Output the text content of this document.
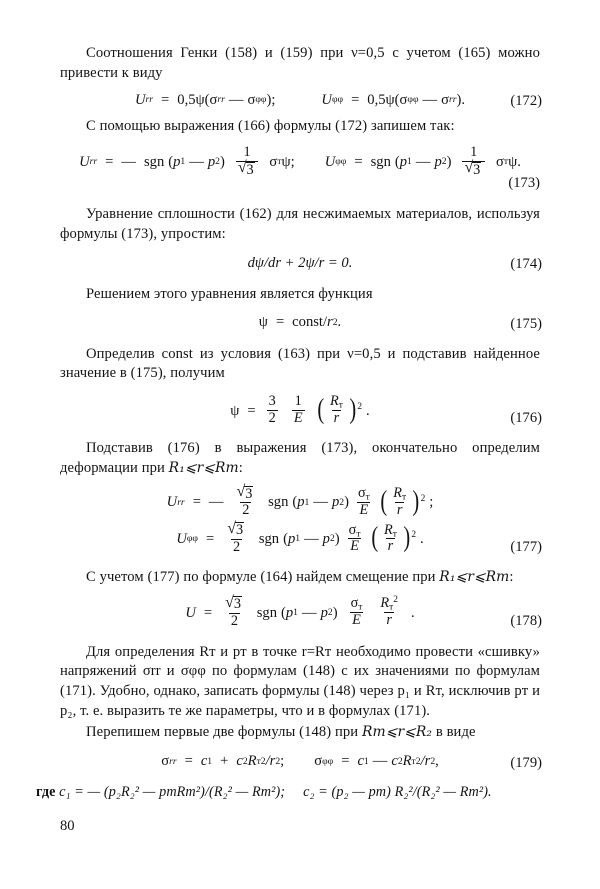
Соотношения Генки (158) и (159) при ν=0,5 с учетом (165) можно привести к виду

U rr = 0,5ψ(σ rr — σ φφ );	U φφ = 0,5ψ(σ φφ — σ rr ).	(172)

С помощью выражения (166) формулы (172) запишем так:

U rr = — sgn ( p 1 — p 2 ) 1
√ 3 σ т ψ ; U φφ = sgn ( p 1 — p 2 ) 1
√ 3 σ т ψ .
(173)

Уравнение сплошности (162) для несжимаемых материалов, используя формулы (173), упростим:

dψ/dr + 2ψ/r = 0.	(174)

Решением этого уравнения является функция

ψ = const/ r 2 .	(175)

Определив const из условия (163) при ν=0,5 и подставив найденное значение в (175), получим

$\psi = \frac{3}{2} \frac{1}{E}$ ( $\frac{R_т}{r}$ ) 2 .	(176)

Подставив (176) в выражения (173), окончательно определим деформации при R₁⩽r⩽Rт:

U rr = — √ $\frac{3}{2}$ sgn ( p 1 — p 2 ) $\frac{\sigma_т}{E}$ ( $\frac{R_т}{r}$ ) 2 ;
U φφ = √ $\frac{3}{2}$ sgn ( p 1 — p 2 ) $\frac{\sigma_т}{E}$ ( $\frac{R_т}{r}$ ) 2 .
(177)

С учетом (177) по формуле (164) найдем смещение при R₁⩽r⩽Rт:

U = √ $\frac{3}{2}$ sgn ( p 1 — p 2 ) $\frac{\sigma_т}{E} \frac{R_т^2}{r}$ .
(178)

Для определения Rт и pт в точке r=Rт необходимо провести «сшивку» напряжений σrr и σφφ по формулам (148) с их значениями по формулам (171). Удобно, однако, записать формулы (148) через p₁ и Rт, исключив pт и p₂, т. е. выразить те же параметры, что и в формулах (171).

Перепишем первые две формулы (148) при Rт⩽r⩽R₂ в виде

σ rr = c 1 + c 2 R т 2 /r 2 ; σ φφ = c 1 — c 2 R т 2 /r 2 ,	(179)

где c₁ = — (p₂R₂² — pтRт²)/(R₂² — Rт²); c₂ = (p₂ — pт) R₂²/(R₂² — Rт²).

80
